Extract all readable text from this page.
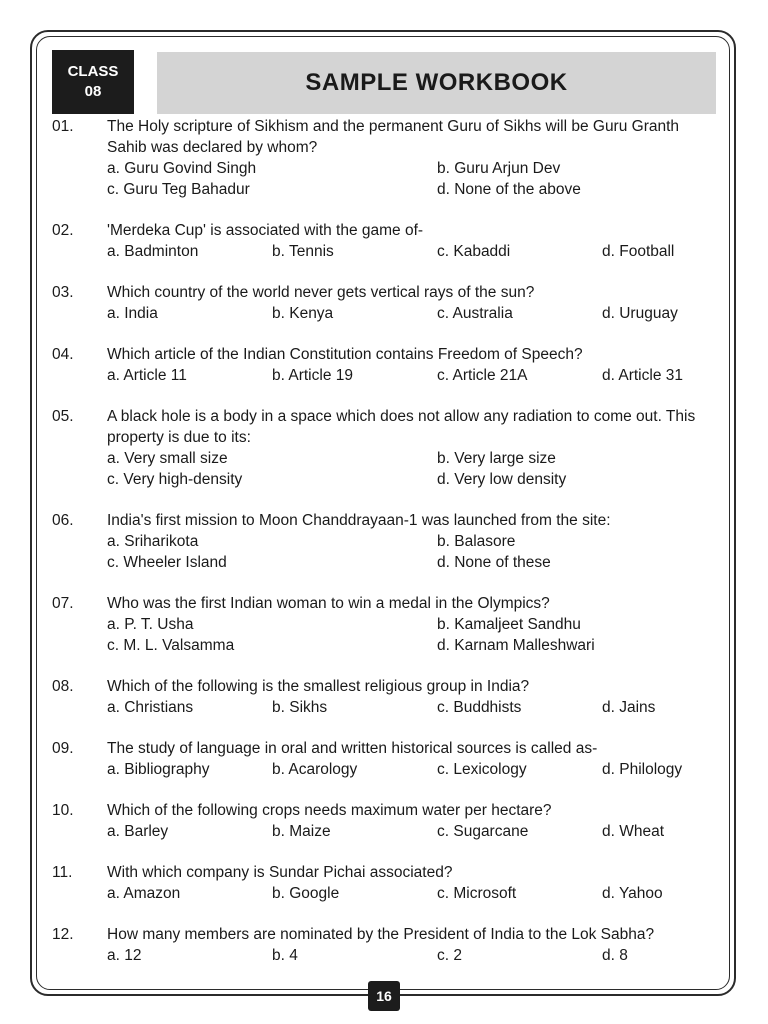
CLASS
08	SAMPLE WORKBOOK
01.	The Holy scripture of Sikhism and the permanent Guru of Sikhs will be Guru Granth Sahib was declared by whom?
a. Guru Govind Singh	b. Guru Arjun Dev
c. Guru Teg Bahadur	d. None of the above
02.	'Merdeka Cup' is associated with the game of-
a. Badminton	b. Tennis	c. Kabaddi	d. Football
03.	Which country of the world never gets vertical rays of the sun?
a. India	b. Kenya	c. Australia	d. Uruguay
04.	Which article of the Indian Constitution contains Freedom of Speech?
a. Article 11	b. Article 19	c. Article 21A	d. Article 31
05.	A black hole is a body in a space which does not allow any radiation to come out. This property is due to its:
a. Very small size	b. Very large size
c. Very high-density	d. Very low density
06.	India's first mission to Moon Chanddrayaan-1 was launched from the site:
a. Sriharikota	b. Balasore
c. Wheeler Island	d. None of these
07.	Who was the first Indian woman to win a medal in the Olympics?
a. P. T. Usha	b. Kamaljeet Sandhu
c. M. L. Valsamma	d. Karnam Malleshwari
08.	Which of the following is the smallest religious group in India?
a. Christians	b. Sikhs	c. Buddhists	d. Jains
09.	The study of language in oral and written historical sources is called as-
a. Bibliography	b. Acarology	c. Lexicology	d. Philology
10.	Which of the following crops needs maximum water per hectare?
a. Barley	b. Maize	c. Sugarcane	d. Wheat
11.	With which company is Sundar Pichai associated?
a. Amazon	b. Google	c. Microsoft	d. Yahoo
12.	How many members are nominated by the President of India to the Lok Sabha?
a. 12	b. 4	c. 2	d. 8
16
